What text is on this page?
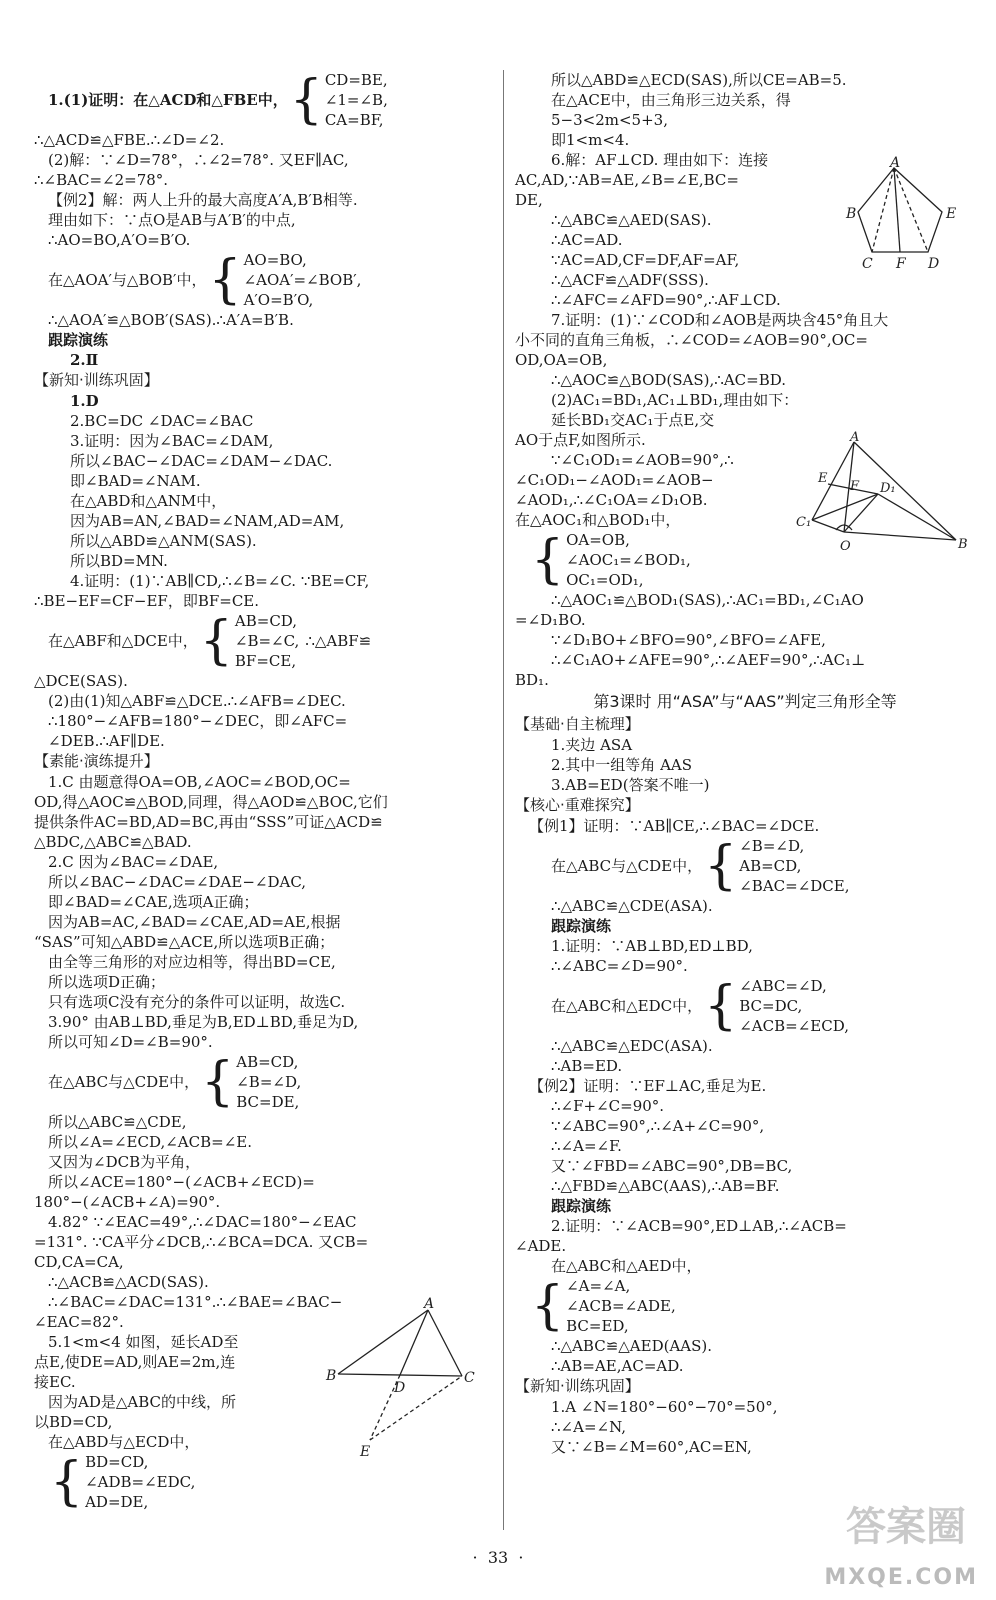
1.(1)证明：在△ACD和△FBE中， { CD=BE,
∠1=∠B,
CA=BF,
∴△ACD≌△FBE.∴∠D=∠2.
(2)解：∵∠D=78°，∴∠2=78°. 又EF∥AC,
∴∠BAC=∠2=78°.
【例2】解：两人上升的最大高度A′A,B′B相等.
理由如下：∵点O是AB与A′B′的中点,
∴AO=BO,A′O=B′O.
在△AOA′与△BOB′中， { AO=BO,
∠AOA′=∠BOB′,
A′O=B′O,
∴△AOA′≌△BOB′(SAS).∴A′A=B′B.
跟踪演练
2.Ⅱ
【新知·训练巩固】
1.D
2.BC=DC ∠DAC=∠BAC
3.证明：因为∠BAC=∠DAM,
所以∠BAC−∠DAC=∠DAM−∠DAC.
即∠BAD=∠NAM.
在△ABD和△ANM中，
因为AB=AN,∠BAD=∠NAM,AD=AM,
所以△ABD≌△ANM(SAS).
所以BD=MN.
4.证明：(1)∵AB∥CD,∴∠B=∠C. ∵BE=CF,
∴BE−EF=CF−EF，即BF=CE.
在△ABF和△DCE中， { AB=CD,
∠B=∠C,
BF=CE,
∴△ABF≌
△DCE(SAS).
(2)由(1)知△ABF≌△DCE.∴∠AFB=∠DEC.
∴180°−∠AFB=180°−∠DEC，即∠AFC=
∠DEB.∴AF∥DE.
【素能·演练提升】
1.C 由题意得OA=OB,∠AOC=∠BOD,OC=
OD,得△AOC≌△BOD,同理，得△AOD≌△BOC,它们
提供条件AC=BD,AD=BC,再由“SSS”可证△ACD≌
△BDC,△ABC≌△BAD.
2.C 因为∠BAC=∠DAE,
所以∠BAC−∠DAC=∠DAE−∠DAC,
即∠BAD=∠CAE,选项A正确；
因为AB=AC,∠BAD=∠CAE,AD=AE,根据
“SAS”可知△ABD≌△ACE,所以选项B正确；
由全等三角形的对应边相等，得出BD=CE,
所以选项D正确；
只有选项C没有充分的条件可以证明，故选C.
3.90° 由AB⊥BD,垂足为B,ED⊥BD,垂足为D,
所以可知∠D=∠B=90°.
在△ABC与△CDE中， { AB=CD,
∠B=∠D,
BC=DE,
所以△ABC≌△CDE,
所以∠A=∠ECD,∠ACB=∠E.
又因为∠DCB为平角，
所以∠ACE=180°−(∠ACB+∠ECD)=
180°−(∠ACB+∠A)=90°.
4.82° ∵∠EAC=49°,∴∠DAC=180°−∠EAC
=131°. ∵CA平分∠DCB,∴∠BCA=DCA. 又CB=
CD,CA=CA,
∴△ACB≌△ACD(SAS).
∴∠BAC=∠DAC=131°.∴∠BAE=∠BAC−
∠EAC=82°.
5.1<m<4 如图，延长AD至
点E,使DE=AD,则AE=2m,连
接EC.
因为AD是△ABC的中线，所
以BD=CD,
在△ABD与△ECD中，
{ BD=CD,
∠ADB=∠EDC,
AD=DE,
所以△ABD≌△ECD(SAS),所以CE=AB=5.
在△ACE中，由三角形三边关系，得
5−3<2m<5+3,
即1<m<4.
6.解：AF⊥CD. 理由如下：连接
AC,AD,∵AB=AE,∠B=∠E,BC=
DE,
∴△ABC≌△AED(SAS).
∴AC=AD.
∵AC=AD,CF=DF,AF=AF,
∴△ACF≌△ADF(SSS).
∴∠AFC=∠AFD=90°,∴AF⊥CD.
7.证明：(1)∵∠COD和∠AOB是两块含45°角且大
小不同的直角三角板，∴∠COD=∠AOB=90°,OC=
OD,OA=OB,
∴△AOC≌△BOD(SAS),∴AC=BD.
(2)AC₁=BD₁,AC₁⊥BD₁,理由如下：
延长BD₁交AC₁于点E,交
AO于点F,如图所示.
∵∠C₁OD₁=∠AOB=90°,∴
∠C₁OD₁−∠AOD₁=∠AOB−
∠AOD₁,∴∠C₁OA=∠D₁OB.
在△AOC₁和△BOD₁中，
{ OA=OB,
∠AOC₁=∠BOD₁,
OC₁=OD₁,
∴△AOC₁≌△BOD₁(SAS),∴AC₁=BD₁,∠C₁AO
=∠D₁BO.
∵∠D₁BO+∠BFO=90°,∠BFO=∠AFE,
∴∠C₁AO+∠AFE=90°,∴∠AEF=90°,∴AC₁⊥
BD₁.
第3课时 用“ASA”与“AAS”判定三角形全等
【基础·自主梳理】
1.夹边 ASA
2.其中一组等角 AAS
3.AB=ED(答案不唯一)
【核心·重难探究】
【例1】证明：∵AB∥CE,∴∠BAC=∠DCE.
在△ABC与△CDE中， { ∠B=∠D,
AB=CD,
∠BAC=∠DCE,
∴△ABC≌△CDE(ASA).
跟踪演练
1.证明：∵AB⊥BD,ED⊥BD,
∴∠ABC=∠D=90°.
在△ABC和△EDC中， { ∠ABC=∠D,
BC=DC,
∠ACB=∠ECD,
∴△ABC≌△EDC(ASA).
∴AB=ED.
【例2】证明：∵EF⊥AC,垂足为E.
∴∠F+∠C=90°.
∵∠ABC=90°,∴∠A+∠C=90°,
∴∠A=∠F.
又∵∠FBD=∠ABC=90°,DB=BC,
∴△FBD≌△ABC(AAS),∴AB=BF.
跟踪演练
2.证明：∵∠ACB=90°,ED⊥AB,∴∠ACB=
∠ADE.
在△ABC和△AED中，
{ ∠A=∠A,
∠ACB=∠ADE,
BC=ED,
∴△ABC≌△AED(AAS).
∴AB=AE,AC=AD.
【新知·训练巩固】
1.A ∠N=180°−60°−70°=50°,
∴∠A=∠N,
又∵∠B=∠M=60°,AC=EN,
A
B	C
D
E
A
B	E
C F D
A
E
F D₁
C₁
O	B
·  33  ·
答案圈
MXQE.COM
